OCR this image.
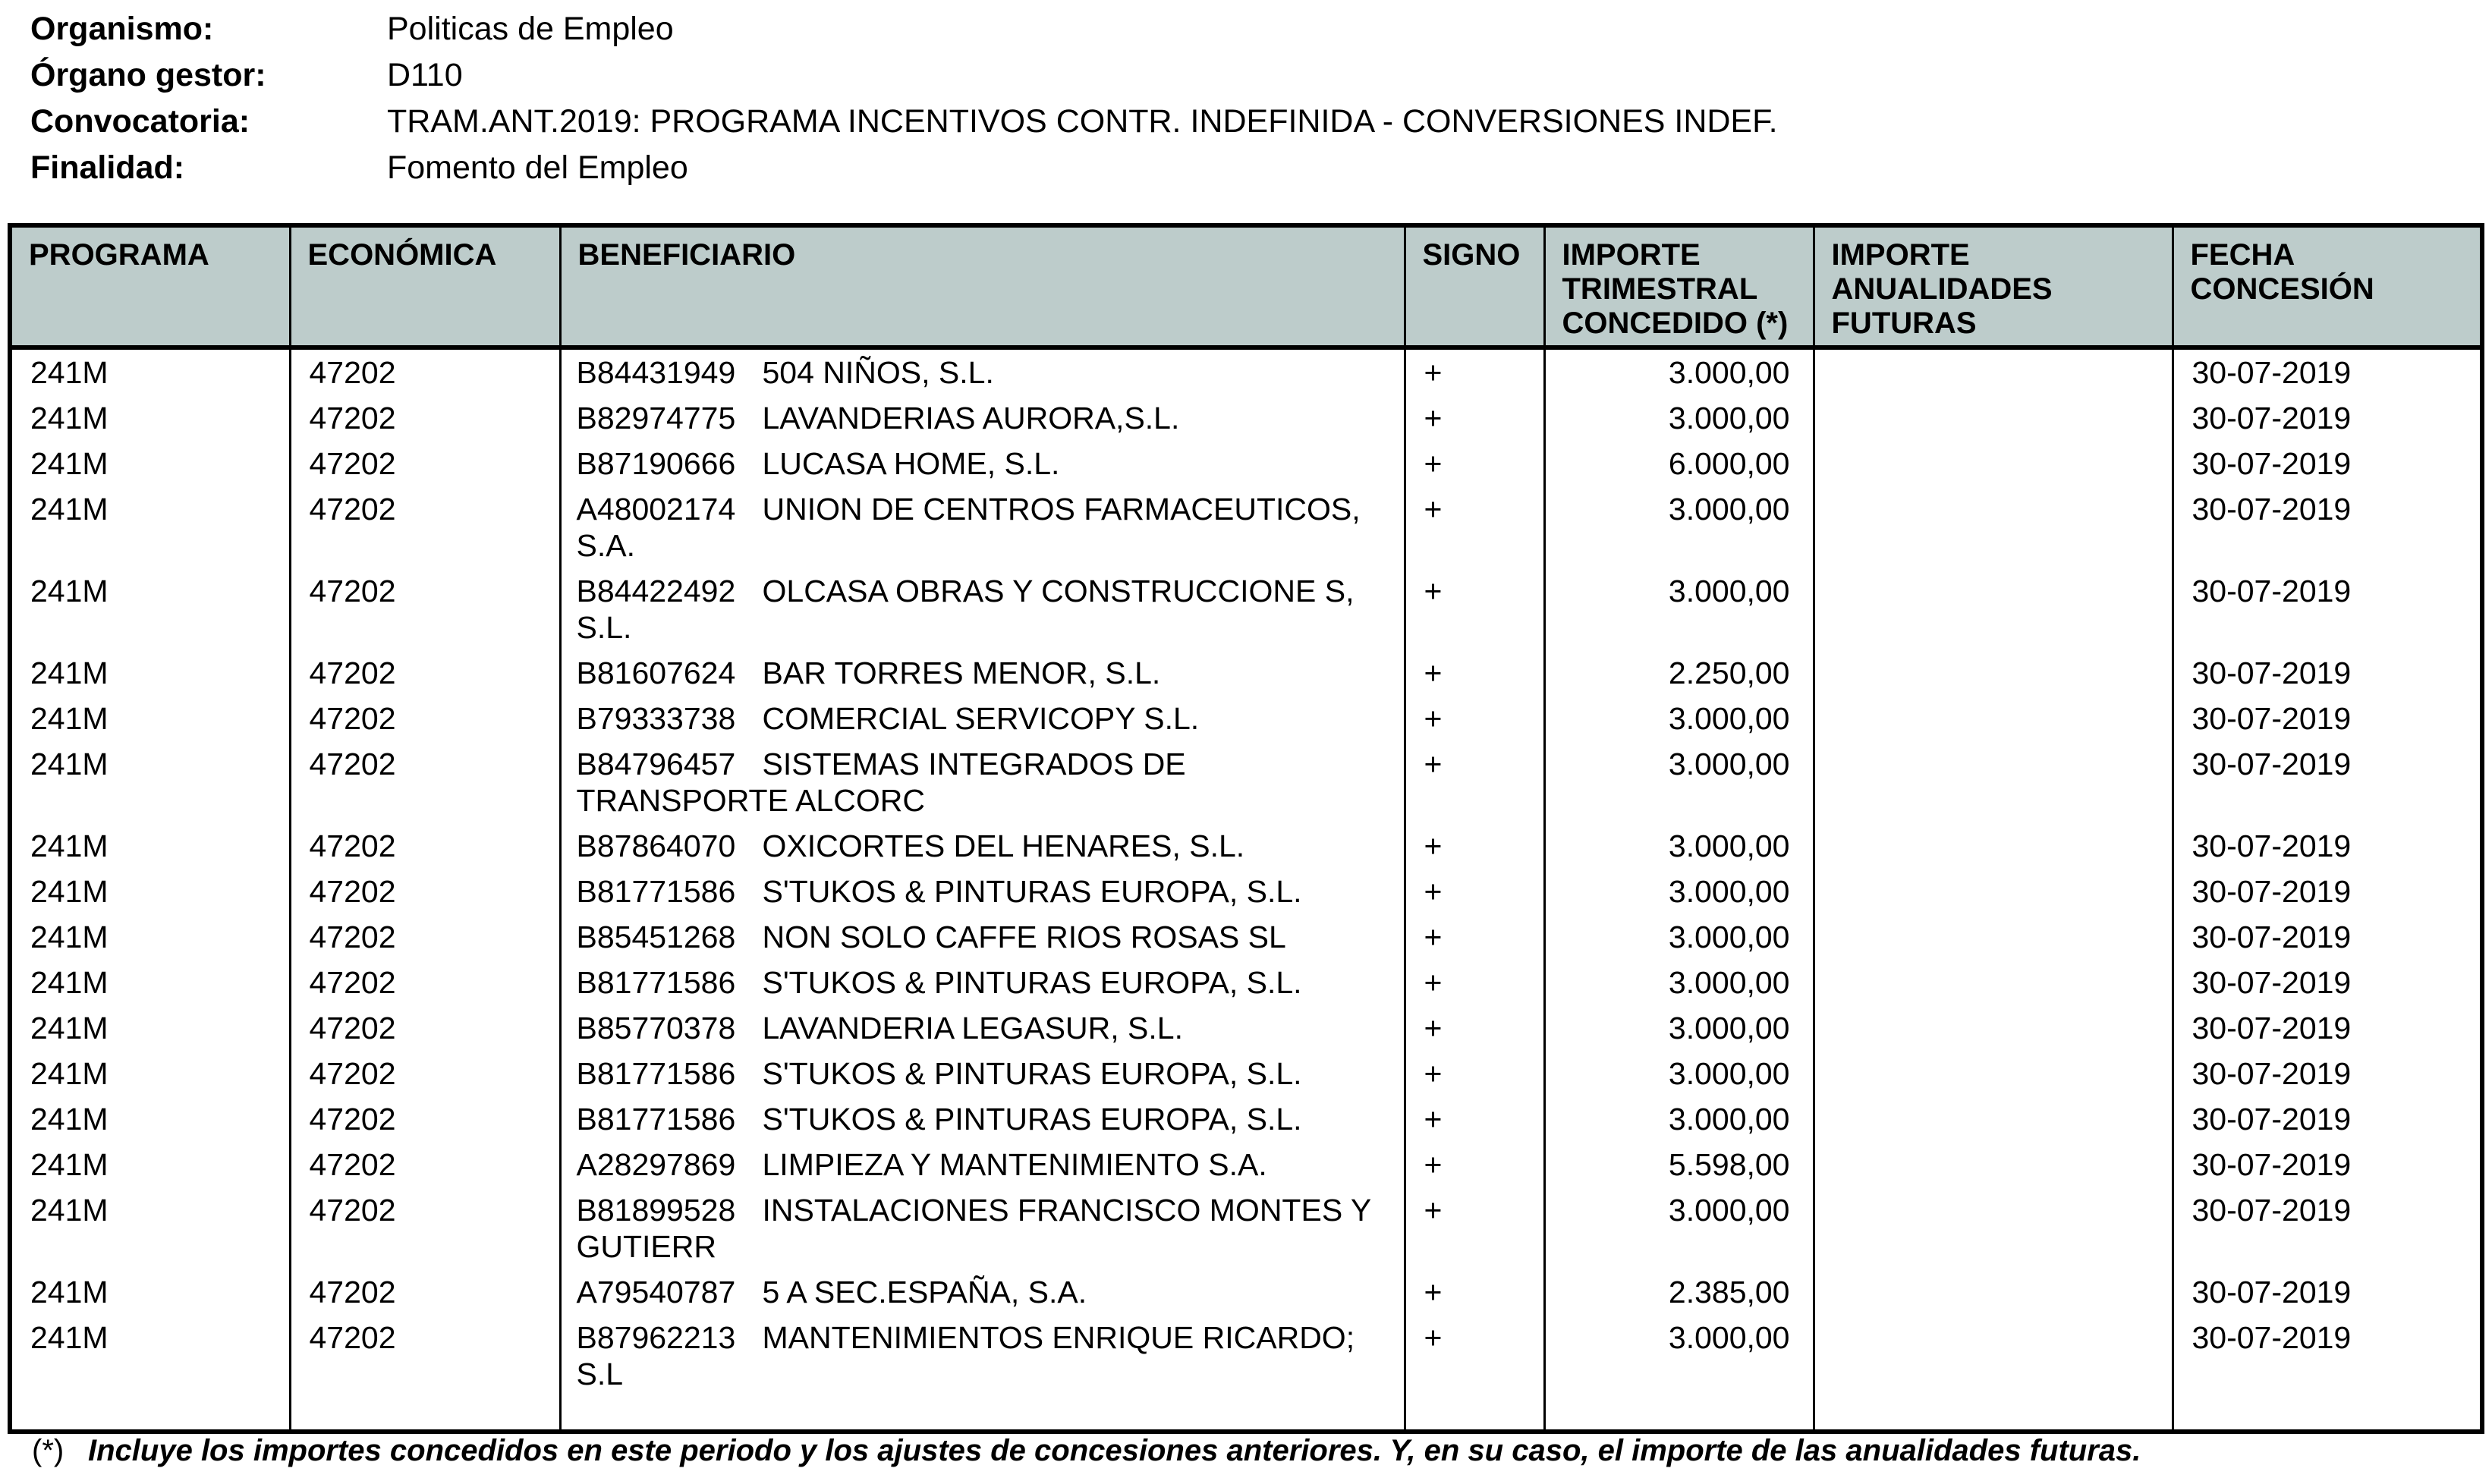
Organismo:	Politicas de Empleo
Órgano gestor:	D110
Convocatoria:	TRAM.ANT.2019: PROGRAMA INCENTIVOS CONTR. INDEFINIDA - CONVERSIONES INDEF.
Finalidad:	Fomento del Empleo
PROGRAMA	ECONÓMICA	BENEFICIARIO	SIGNO	IMPORTE TRIMESTRAL CONCEDIDO (*)	IMPORTE ANUALIDADES FUTURAS	FECHA CONCESIÓN
241M	47202	B84431949 504 NIÑOS, S.L.	+	3.000,00		30-07-2019
241M	47202	B82974775 LAVANDERIAS AURORA,S.L.	+	3.000,00		30-07-2019
241M	47202	B87190666 LUCASA HOME, S.L.	+	6.000,00		30-07-2019
241M	47202	A48002174 UNION DE CENTROS FARMACEUTICOS, S.A.	+	3.000,00		30-07-2019
241M	47202	B84422492 OLCASA OBRAS Y CONSTRUCCIONE S, S.L.	+	3.000,00		30-07-2019
241M	47202	B81607624 BAR TORRES MENOR, S.L.	+	2.250,00		30-07-2019
241M	47202	B79333738 COMERCIAL SERVICOPY S.L.	+	3.000,00		30-07-2019
241M	47202	B84796457 SISTEMAS INTEGRADOS DE TRANSPORTE ALCORC	+	3.000,00		30-07-2019
241M	47202	B87864070 OXICORTES DEL HENARES, S.L.	+	3.000,00		30-07-2019
241M	47202	B81771586 S'TUKOS & PINTURAS EUROPA, S.L.	+	3.000,00		30-07-2019
241M	47202	B85451268 NON SOLO CAFFE RIOS ROSAS SL	+	3.000,00		30-07-2019
241M	47202	B81771586 S'TUKOS & PINTURAS EUROPA, S.L.	+	3.000,00		30-07-2019
241M	47202	B85770378 LAVANDERIA LEGASUR, S.L.	+	3.000,00		30-07-2019
241M	47202	B81771586 S'TUKOS & PINTURAS EUROPA, S.L.	+	3.000,00		30-07-2019
241M	47202	B81771586 S'TUKOS & PINTURAS EUROPA, S.L.	+	3.000,00		30-07-2019
241M	47202	A28297869 LIMPIEZA Y MANTENIMIENTO S.A.	+	5.598,00		30-07-2019
241M	47202	B81899528 INSTALACIONES FRANCISCO MONTES Y GUTIERR	+	3.000,00		30-07-2019
241M	47202	A79540787 5 A SEC.ESPAÑA, S.A.	+	2.385,00		30-07-2019
241M	47202	B87962213 MANTENIMIENTOS ENRIQUE RICARDO; S.L	+	3.000,00		30-07-2019

(*) Incluye los importes concedidos en este periodo y los ajustes de concesiones anteriores. Y, en su caso, el importe de las anualidades futuras.
